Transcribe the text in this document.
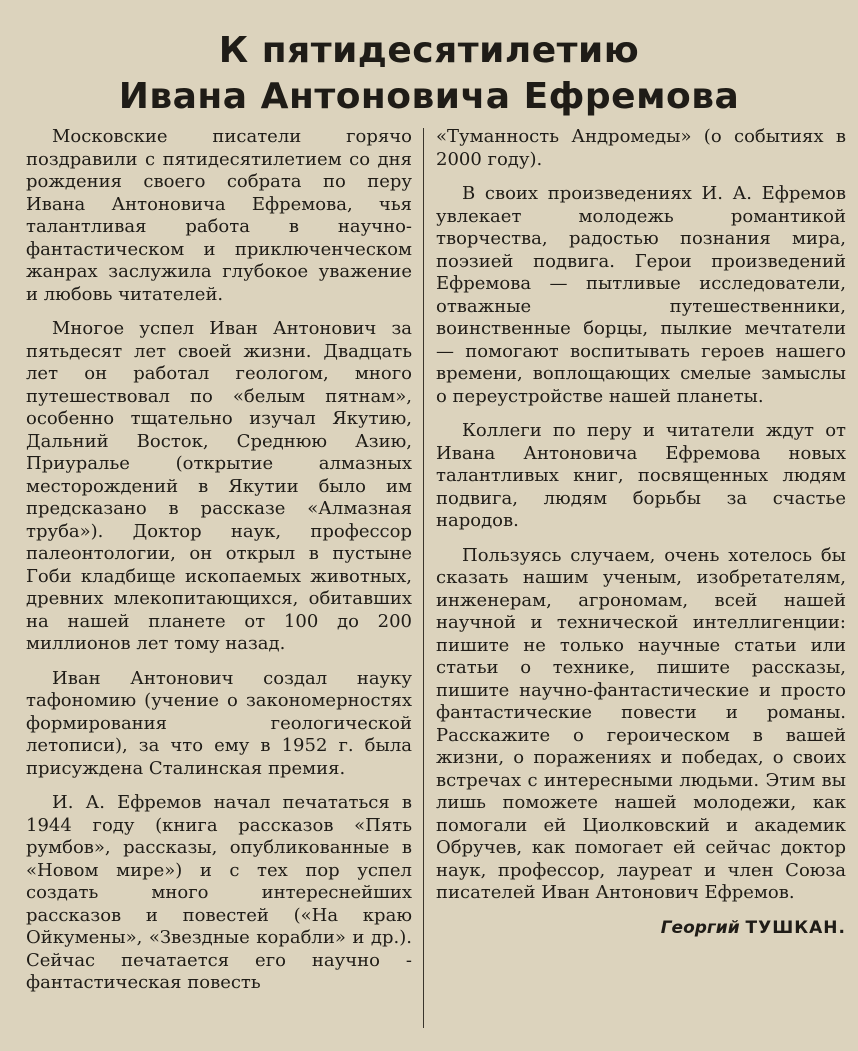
К пятидесятилетию
Ивана Антоновича Ефремова

Московские писатели горячо поздравили с пятидесятилетием со дня рождения своего собрата по перу Ивана Антоновича Ефремова, чья талантливая работа в научно-фантастическом и приключенческом жанрах заслужила глубокое уважение и любовь читателей.

Многое успел Иван Антонович за пятьдесят лет своей жизни. Двадцать лет он работал геологом, много путешествовал по «белым пятнам», особенно тщательно изучал Якутию, Дальний Восток, Среднюю Азию, Приуралье (открытие алмазных месторождений в Якутии было им предсказано в рассказе «Алмазная труба»). Доктор наук, профессор палеонтологии, он открыл в пустыне Гоби кладбище ископаемых животных, древних млекопитающихся, обитавших на нашей планете от 100 до 200 миллионов лет тому назад.

Иван Антонович создал науку тафономию (учение о закономерностях формирования геологической летописи), за что ему в 1952 г. была присуждена Сталинская премия.

И. А. Ефремов начал печататься в 1944 году (книга рассказов «Пять румбов», рассказы, опубликованные в «Новом мире») и с тех пор успел создать много интереснейших рассказов и повестей («На краю Ойкумены», «Звездные корабли» и др.). Сейчас печатается его научно - фантастическая повесть

«Туманность Андромеды» (о событиях в 2000 году).

В своих произведениях И. А. Ефремов увлекает молодежь романтикой творчества, радостью познания мира, поэзией подвига. Герои произведений Ефремова — пытливые исследователи, отважные путешественники, воинственные борцы, пылкие мечтатели — помогают воспитывать героев нашего времени, воплощающих смелые замыслы о переустройстве нашей планеты.

Коллеги по перу и читатели ждут от Ивана Антоновича Ефремова новых талантливых книг, посвященных людям подвига, людям борьбы за счастье народов.

Пользуясь случаем, очень хотелось бы сказать нашим ученым, изобретателям, инженерам, агрономам, всей нашей научной и технической интеллигенции: пишите не только научные статьи или статьи о технике, пишите рассказы, пишите научно-фантастические и просто фантастические повести и романы. Расскажите о героическом в вашей жизни, о поражениях и победах, о своих встречах с интересными людьми. Этим вы лишь поможете нашей молодежи, как помогали ей Циолковский и академик Обручев, как помогает ей сейчас доктор наук, профессор, лауреат и член Союза писателей Иван Антонович Ефремов.

Георгий ТУШКАН.
